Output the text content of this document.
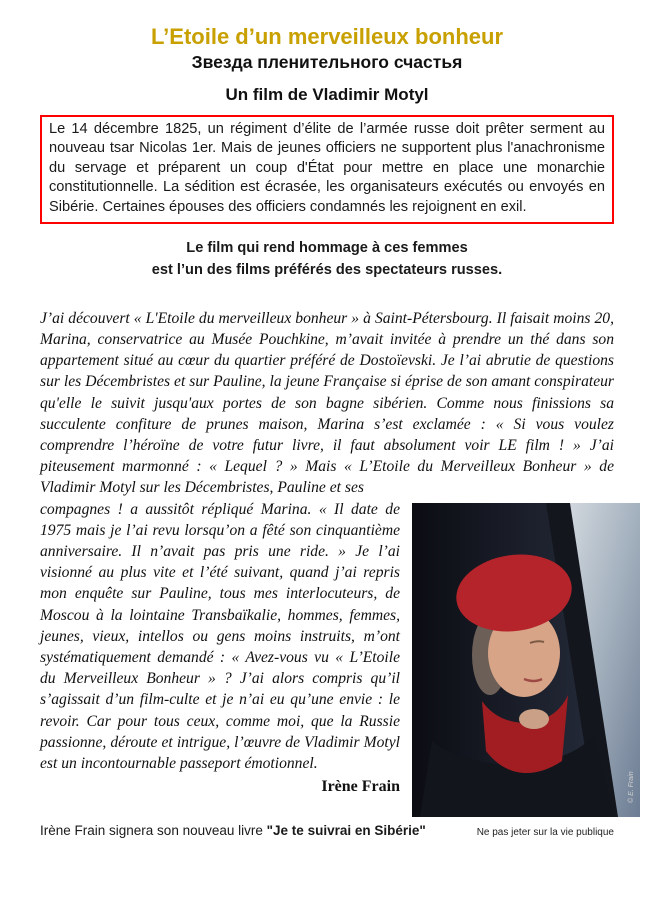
L’Etoile d’un merveilleux bonheur
Звезда пленительного счастья
Un film de Vladimir Motyl

Le 14 décembre 1825, un régiment d’élite de l’armée russe doit prêter serment au nouveau tsar Nicolas 1er. Mais de jeunes officiers ne supportent plus l'anachronisme du servage et préparent un coup d'État pour mettre en place une monarchie constitutionnelle. La sédition est écrasée, les organisateurs exécutés ou envoyés en Sibérie. Certaines épouses des officiers condamnés les rejoignent en exil.

Le film qui rend hommage à ces femmes
est l’un des films préférés des spectateurs russes.

J’ai découvert « L'Etoile du merveilleux bonheur » à Saint-Pétersbourg. Il faisait moins 20, Marina, conservatrice au Musée Pouchkine, m’avait invitée à prendre un thé dans son appartement situé au cœur du quartier préféré de Dostoïevski. Je l’ai abrutie de questions sur les Décembristes et sur Pauline, la jeune Française si éprise de son amant conspirateur qu'elle le suivit jusqu'aux portes de son bagne sibérien. Comme nous finissions sa succulente confiture de prunes maison, Marina s’est exclamée : « Si vous voulez comprendre l’héroïne de votre futur livre, il faut absolument voir LE film ! » J’ai piteusement marmonné : « Lequel ? » Mais « L’Etoile du Merveilleux Bonheur » de Vladimir Motyl sur les Décembristes, Pauline et ses

© E. Frain

compagnes ! a aussitôt répliqué Marina. « Il date de 1975 mais je l’ai revu lorsqu’on a fêté son cinquantième anniversaire. Il n’avait pas pris une ride. » Je l’ai visionné au plus vite et l’été suivant, quand j’ai repris mon enquête sur Pauline, tous mes interlocuteurs, de Moscou à la lointaine Transbaïkalie, hommes, femmes, jeunes, vieux, intellos ou gens moins instruits, m’ont systématiquement demandé : « Avez-vous vu « L’Etoile du Merveilleux Bonheur » ? J’ai alors compris qu’il s’agissait d’un film-culte et je n’ai eu qu’une envie : le revoir. Car pour tous ceux, comme moi, que la Russie passionne, déroute et intrigue, l’œuvre de Vladimir Motyl est un incontournable passeport émotionnel.

Irène Frain
Irène Frain signera son nouveau livre "Je te suivrai en Sibérie"	Ne pas jeter sur la vie publique
